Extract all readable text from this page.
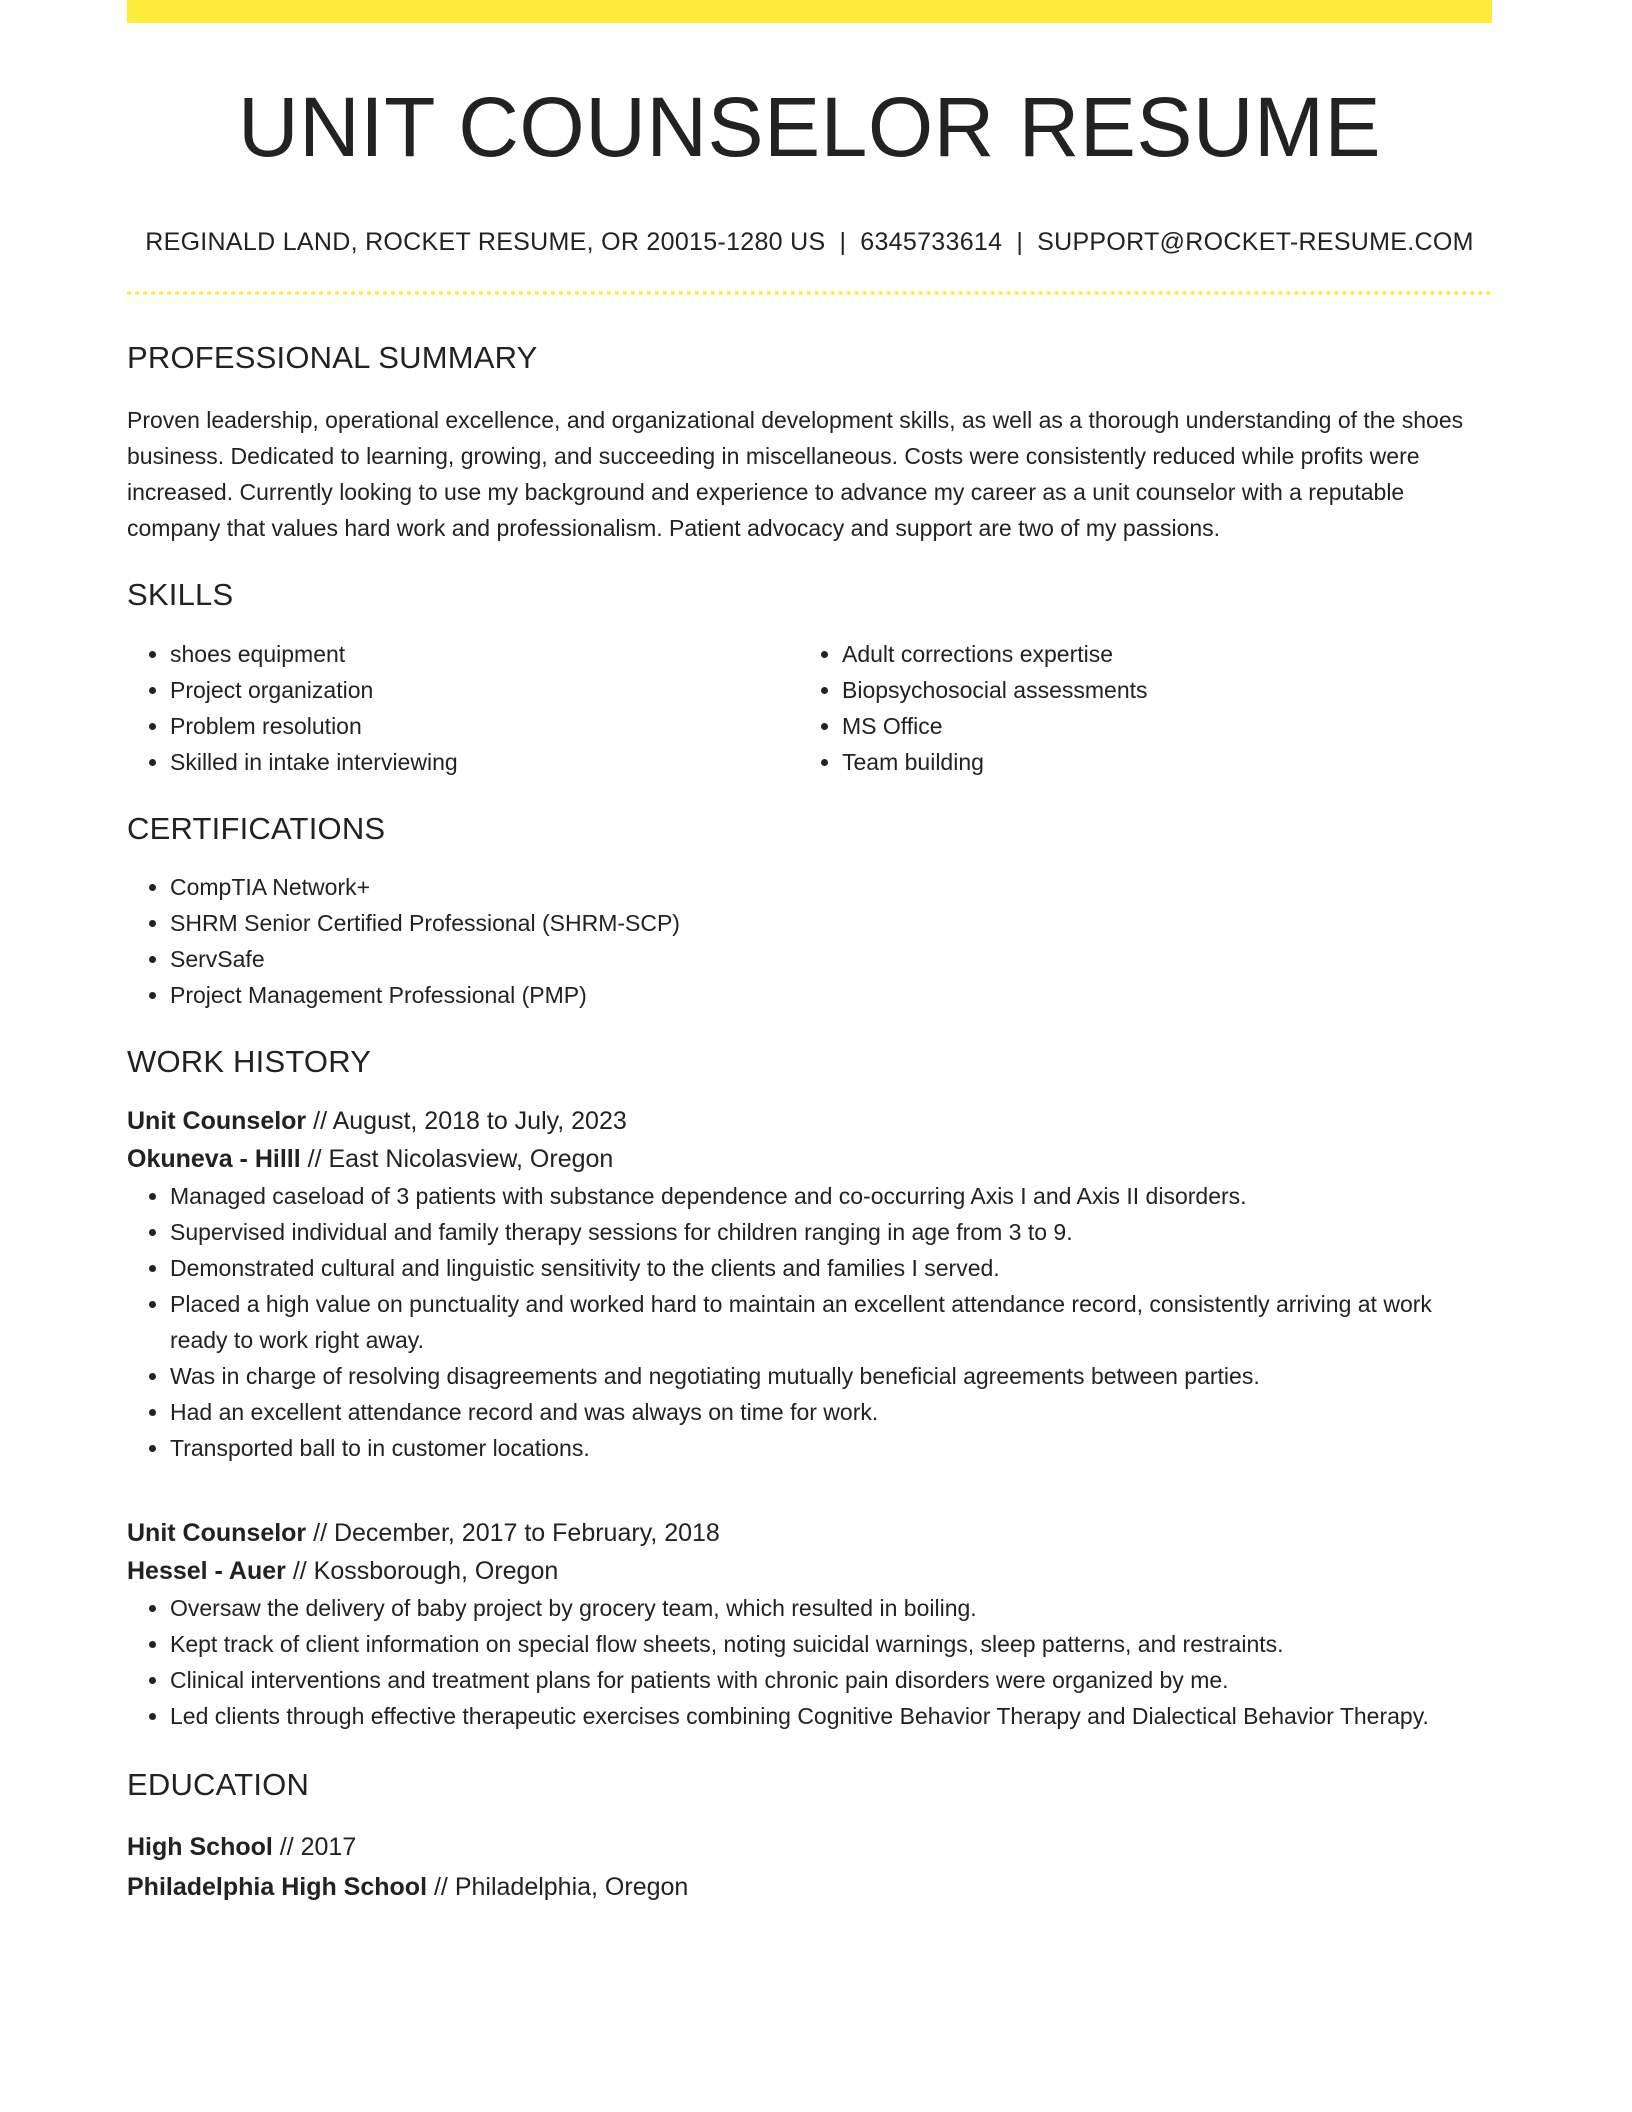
UNIT COUNSELOR RESUME
REGINALD LAND, ROCKET RESUME, OR 20015-1280 US | 6345733614 | SUPPORT@ROCKET-RESUME.COM
PROFESSIONAL SUMMARY
Proven leadership, operational excellence, and organizational development skills, as well as a thorough understanding of the shoes business. Dedicated to learning, growing, and succeeding in miscellaneous. Costs were consistently reduced while profits were increased. Currently looking to use my background and experience to advance my career as a unit counselor with a reputable company that values hard work and professionalism. Patient advocacy and support are two of my passions.
SKILLS
• shoes equipment
• Project organization
• Problem resolution
• Skilled in intake interviewing
• Adult corrections expertise
• Biopsychosocial assessments
• MS Office
• Team building
CERTIFICATIONS
• CompTIA Network+
• SHRM Senior Certified Professional (SHRM-SCP)
• ServSafe
• Project Management Professional (PMP)
WORK HISTORY
Unit Counselor // August, 2018 to July, 2023
Okuneva - Hilll // East Nicolasview, Oregon
• Managed caseload of 3 patients with substance dependence and co-occurring Axis I and Axis II disorders.
• Supervised individual and family therapy sessions for children ranging in age from 3 to 9.
• Demonstrated cultural and linguistic sensitivity to the clients and families I served.
• Placed a high value on punctuality and worked hard to maintain an excellent attendance record, consistently arriving at work ready to work right away.
• Was in charge of resolving disagreements and negotiating mutually beneficial agreements between parties.
• Had an excellent attendance record and was always on time for work.
• Transported ball to in customer locations.
Unit Counselor // December, 2017 to February, 2018
Hessel - Auer // Kossborough, Oregon
• Oversaw the delivery of baby project by grocery team, which resulted in boiling.
• Kept track of client information on special flow sheets, noting suicidal warnings, sleep patterns, and restraints.
• Clinical interventions and treatment plans for patients with chronic pain disorders were organized by me.
• Led clients through effective therapeutic exercises combining Cognitive Behavior Therapy and Dialectical Behavior Therapy.
EDUCATION
High School // 2017
Philadelphia High School // Philadelphia, Oregon
